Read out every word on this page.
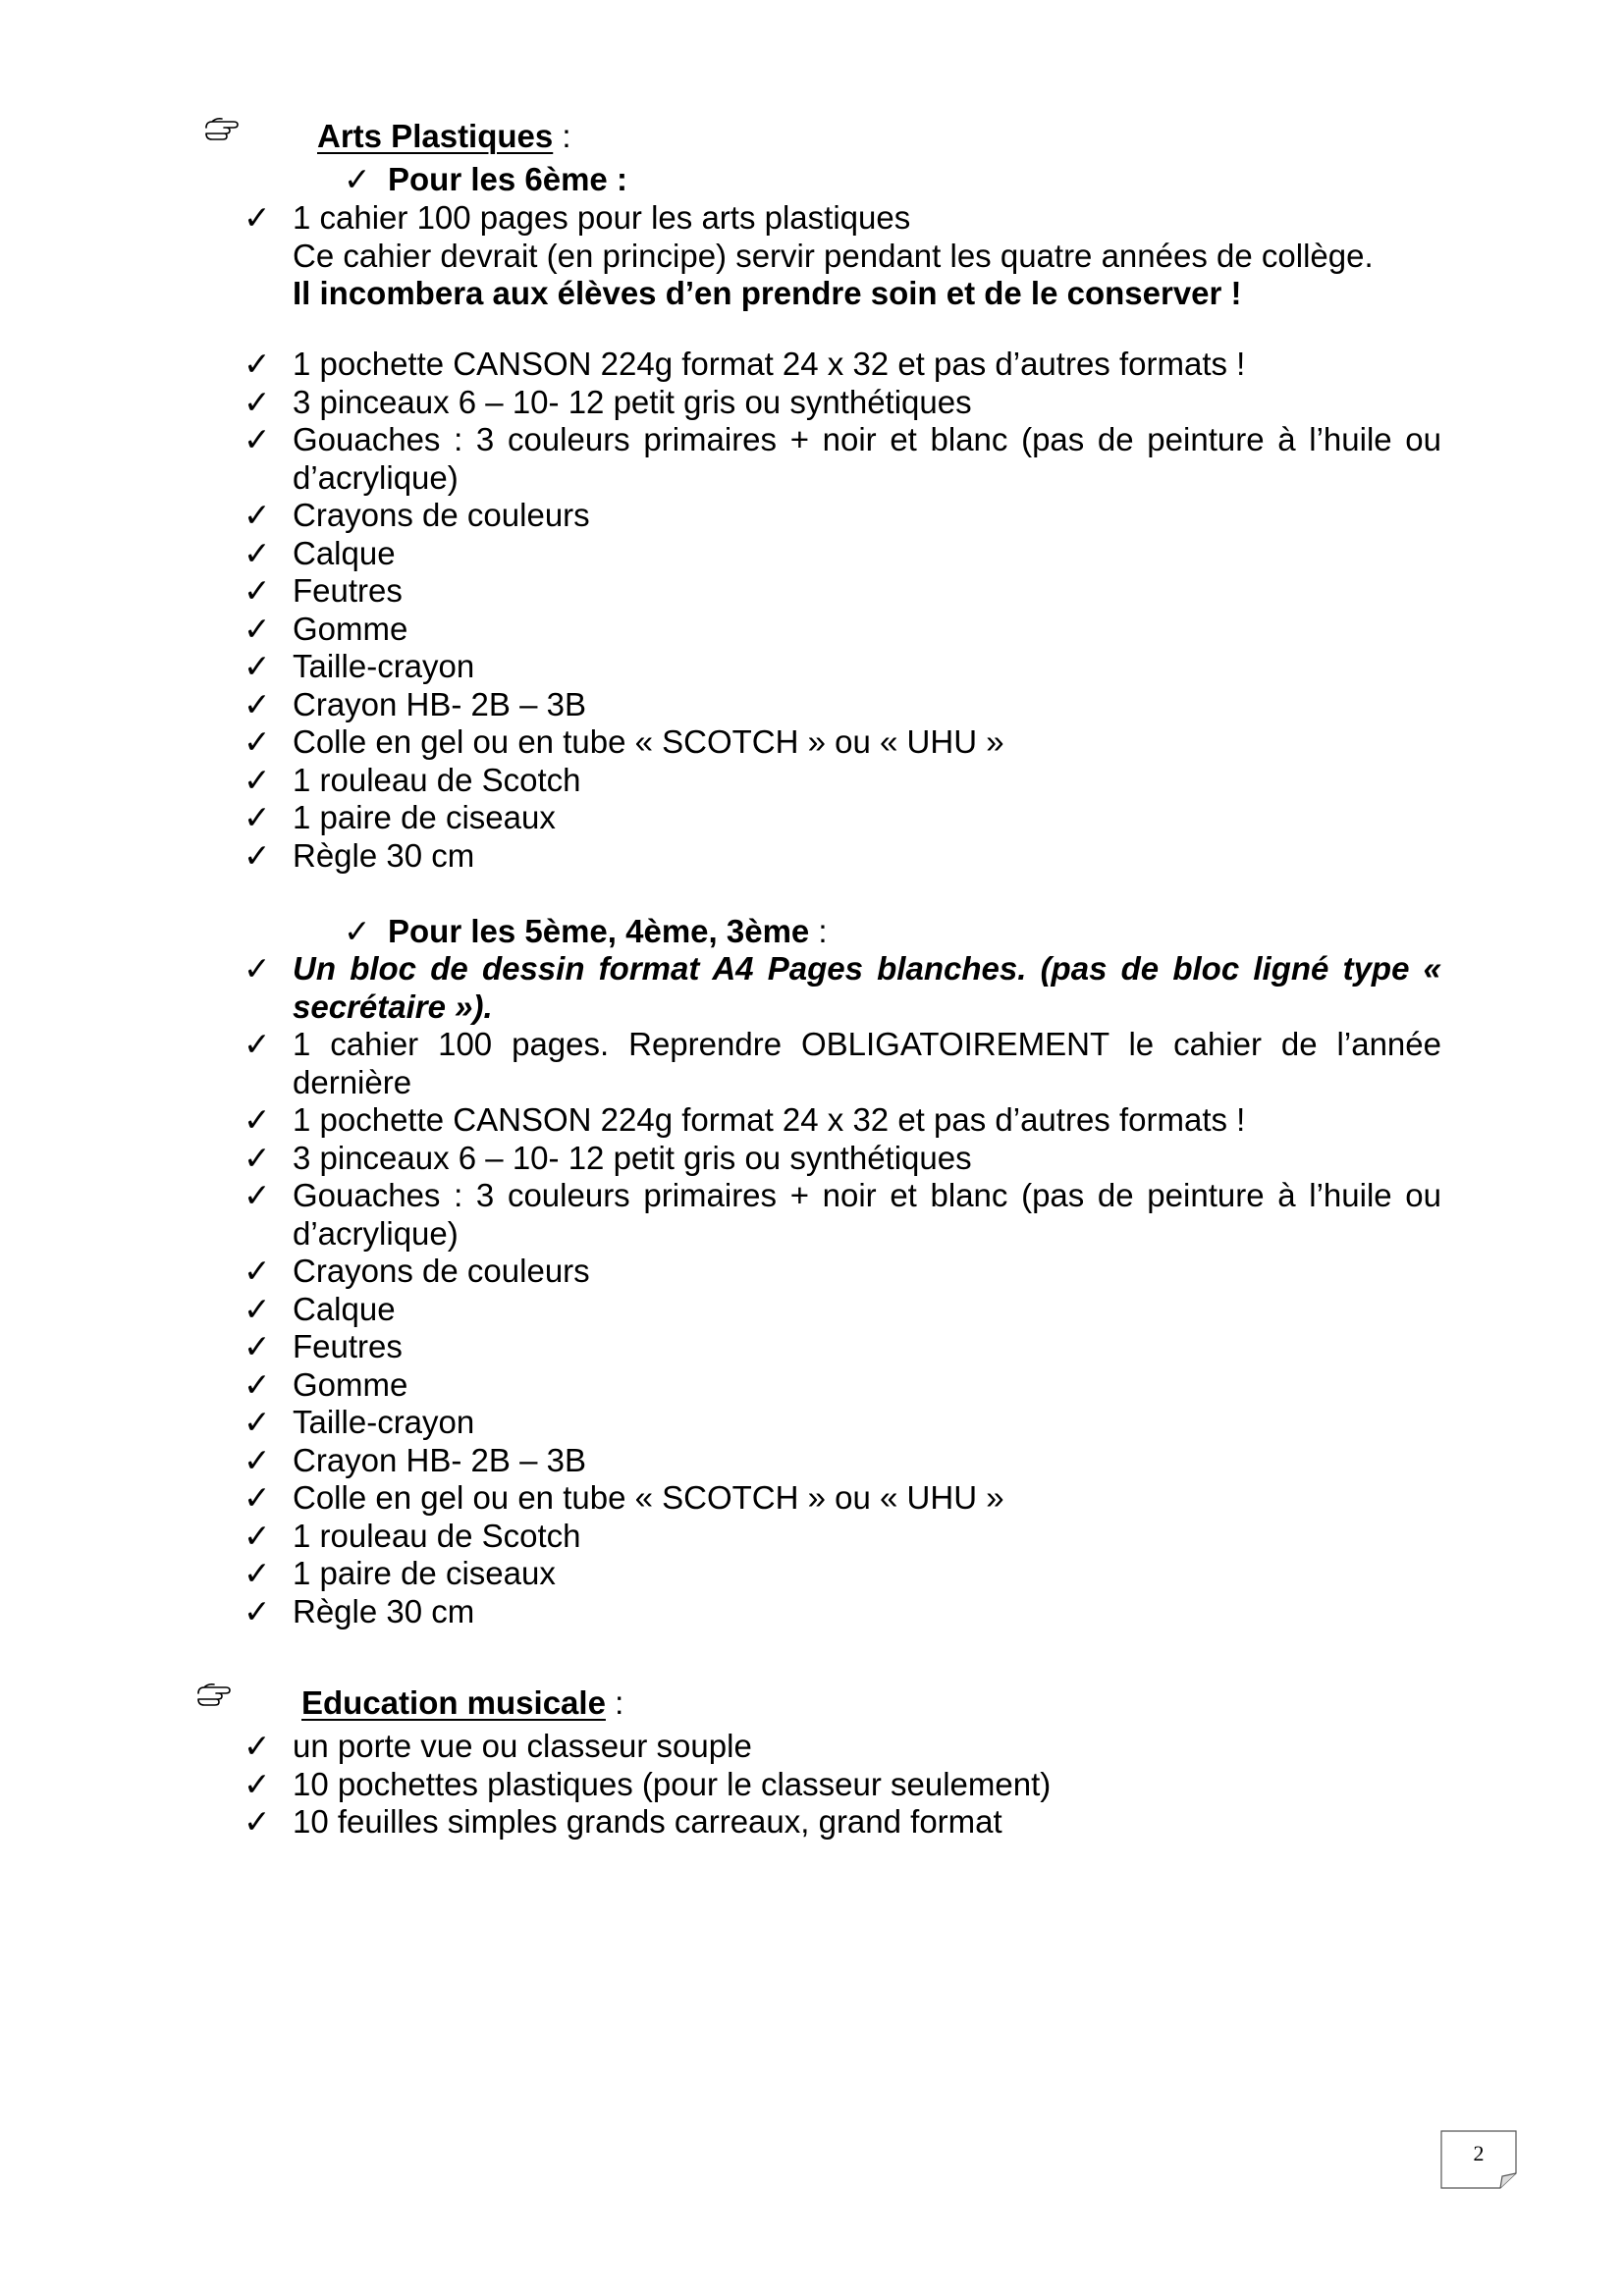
Arts Plastiques :
✓ Pour les 6ème :
✓ 1 cahier 100 pages pour les arts plastiques
Ce cahier devrait (en principe) servir pendant les quatre années de collège.
Il incombera aux élèves d’en prendre soin et de le conserver !
✓ 1 pochette CANSON 224g format 24 x 32 et pas d’autres formats !
✓ 3 pinceaux 6 – 10- 12 petit gris ou synthétiques
✓ Gouaches : 3 couleurs primaires + noir et blanc (pas de peinture à l’huile ou d’acrylique)
✓ Crayons de couleurs
✓ Calque
✓ Feutres
✓ Gomme
✓ Taille-crayon
✓ Crayon HB- 2B – 3B
✓ Colle en gel ou en tube « SCOTCH » ou « UHU »
✓ 1 rouleau de Scotch
✓ 1 paire de ciseaux
✓ Règle 30 cm
✓ Pour les 5ème, 4ème, 3ème :
✓ Un bloc de dessin format A4 Pages blanches. (pas de bloc ligné type « secrétaire »).
✓ 1 cahier 100 pages. Reprendre OBLIGATOIREMENT le cahier de l’année dernière
✓ 1 pochette CANSON 224g format 24 x 32 et pas d’autres formats !
✓ 3 pinceaux 6 – 10- 12 petit gris ou synthétiques
✓ Gouaches : 3 couleurs primaires + noir et blanc (pas de peinture à l’huile ou d’acrylique)
✓ Crayons de couleurs
✓ Calque
✓ Feutres
✓ Gomme
✓ Taille-crayon
✓ Crayon HB- 2B – 3B
✓ Colle en gel ou en tube « SCOTCH » ou « UHU »
✓ 1 rouleau de Scotch
✓ 1 paire de ciseaux
✓ Règle 30 cm
Education musicale :
✓ un porte vue ou classeur souple
✓ 10 pochettes plastiques (pour le classeur seulement)
✓ 10 feuilles simples grands carreaux, grand format
2
